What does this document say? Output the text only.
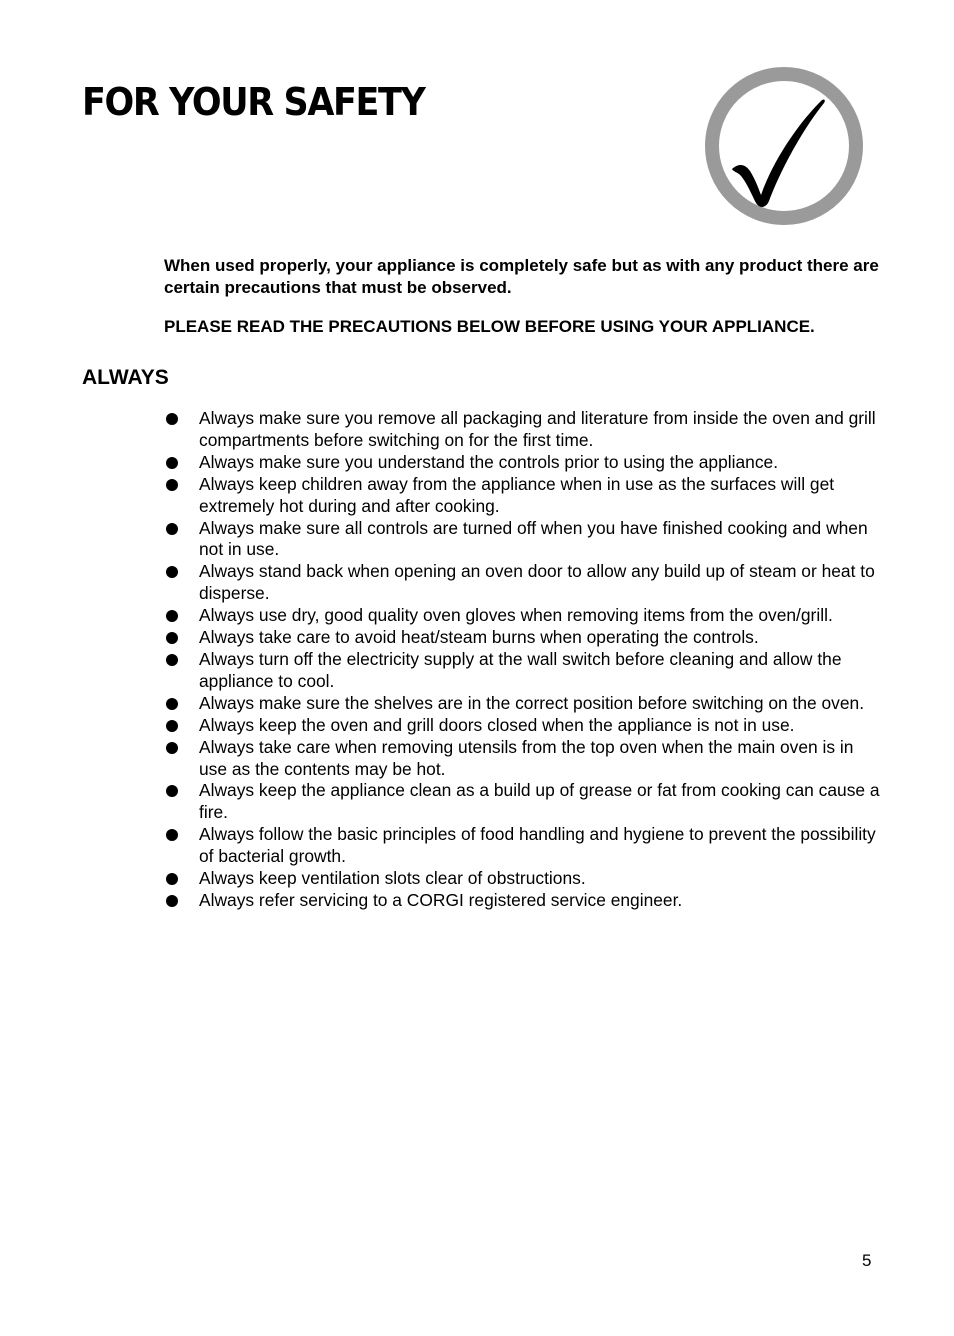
FOR YOUR SAFETY

When used properly, your appliance is completely safe but as with any product there are certain precautions that must be observed.

PLEASE READ THE PRECAUTIONS BELOW BEFORE USING YOUR APPLIANCE.

ALWAYS
Always make sure you remove all packaging and literature from inside the oven and grill compartments before switching on for the first time.
Always make sure you understand the controls prior to using the appliance.
Always keep children away from the appliance when in use as the surfaces will get extremely hot during and after cooking.
Always make sure all controls are turned off when you have finished cooking and when not in use.
Always stand back when opening an oven door to allow any build up of steam or heat to disperse.
Always use dry, good quality oven gloves when removing items from the oven/grill.
Always take care to avoid heat/steam burns when operating the controls.
Always turn off the electricity supply at the wall switch before cleaning and allow the appliance to cool.
Always make sure the shelves are in the correct position before switching on the oven.
Always keep the oven and grill doors closed when the appliance is not in use.
Always take care when removing utensils from the top oven when the main oven is in use as the contents may be hot.
Always keep the appliance clean as a build up of grease or fat from cooking can cause a fire.
Always follow the basic principles of food handling and hygiene to prevent the possibility of bacterial growth.
Always keep ventilation slots clear of obstructions.
Always refer servicing to a CORGI registered service engineer.
5
